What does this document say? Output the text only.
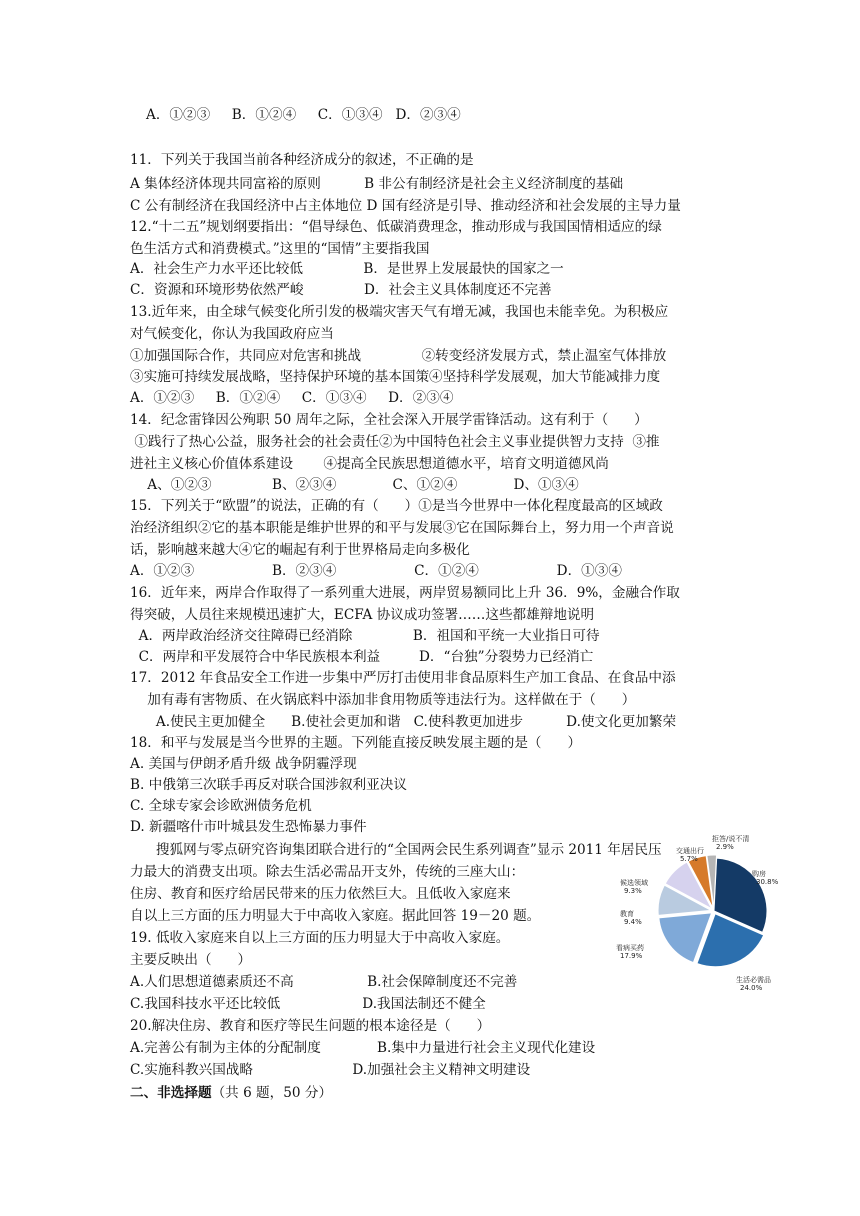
A．①②③     B．①②④     C．①③④   D．②③④
11．下列关于我国当前各种经济成分的叙述，不正确的是
A 集体经济体现共同富裕的原则          B 非公有制经济是社会主义经济制度的基础
C 公有制经济在我国经济中占主体地位 D 国有经济是引导、推动经济和社会发展的主导力量
12.“十二五”规划纲要指出：“倡导绿色、低碳消费理念，推动形成与我国国情相适应的绿
色生活方式和消费模式。”这里的“国情”主要指我国
A．社会生产力水平还比较低              B．是世界上发展最快的国家之一
C．资源和环境形势依然严峻              D．社会主义具体制度还不完善
13.近年来，由全球气候变化所引发的极端灾害天气有增无减，我国也未能幸免。为积极应
对气候变化，你认为我国政府应当
①加强国际合作，共同应对危害和挑战              ②转变经济发展方式，禁止温室气体排放
③实施可持续发展战略，坚持保护环境的基本国策④坚持科学发展观，加大节能减排力度
A．①②③     B．①②④     C．①③④     D．②③④
14．纪念雷锋因公殉职 50 周年之际，全社会深入开展学雷锋活动。这有利于（      ）
①践行了热心公益，服务社会的社会责任②为中国特色社会主义事业提供智力支持  ③推
进社主义核心价值体系建设       ④提高全民族思想道德水平，培育文明道德风尚
A、①②③              B、②③④             C、①②④             D、①③④
15．下列关于“欧盟”的说法，正确的有（      ）①是当今世界中一体化程度最高的区域政
治经济组织②它的基本职能是维护世界的和平与发展③它在国际舞台上，努力用一个声音说
话，影响越来越大④它的崛起有利于世界格局走向多极化
A．①②③                  B．②③④                  C．①②④                  D．①③④
16．近年来，两岸合作取得了一系列重大进展，两岸贸易额同比上升 36．9%，金融合作取
得突破，人员往来规模迅速扩大，ECFA 协议成功签署……这些都雄辩地说明
A．两岸政治经济交往障碍已经消除              B．祖国和平统一大业指日可待
C．两岸和平发展符合中华民族根本利益         D．“台独”分裂势力已经消亡
17．2012 年食品安全工作进一步集中严厉打击使用非食品原料生产加工食品、在食品中添
加有毒有害物质、在火锅底料中添加非食用物质等违法行为。这样做在于（      ）
A.使民主更加健全      B.使社会更加和谐   C.使科教更加进步          D.使文化更加繁荣
18．和平与发展是当今世界的主题。下列能直接反映发展主题的是（      ）
A. 美国与伊朗矛盾升级 战争阴霾浮现
B. 中俄第三次联手再反对联合国涉叙利亚决议
C. 全球专家会诊欧洲债务危机
D. 新疆喀什市叶城县发生恐怖暴力事件
搜狐网与零点研究咨询集团联合进行的“全国两会民生系列调查”显示 2011 年居民压
力最大的消费支出项。除去生活必需品开支外，传统的三座大山：
住房、教育和医疗给居民带来的压力依然巨大。且低收入家庭来
自以上三方面的压力明显大于中高收入家庭。据此回答 19－20 题。
19. 低收入家庭来自以上三方面的压力明显大于中高收入家庭。
主要反映出（      ）
A.人们思想道德素质还不高                 B.社会保障制度还不完善
C.我国科技水平还比较低                   D.我国法制还不健全
20.解决住房、教育和医疗等民生问题的根本途径是（      ）
A.完善公有制为主体的分配制度             B.集中力量进行社会主义现代化建设
C.实施科教兴国战略                       D.加强社会主义精神文明建设
二、非选择题（共 6 题，50 分）
购房
30.8%
生活必需品
24.0%
看病买药
17.9%
教育
9.4%
候选领域
9.3%
交通出行
5.7%
拒答/说不清
2.9%
